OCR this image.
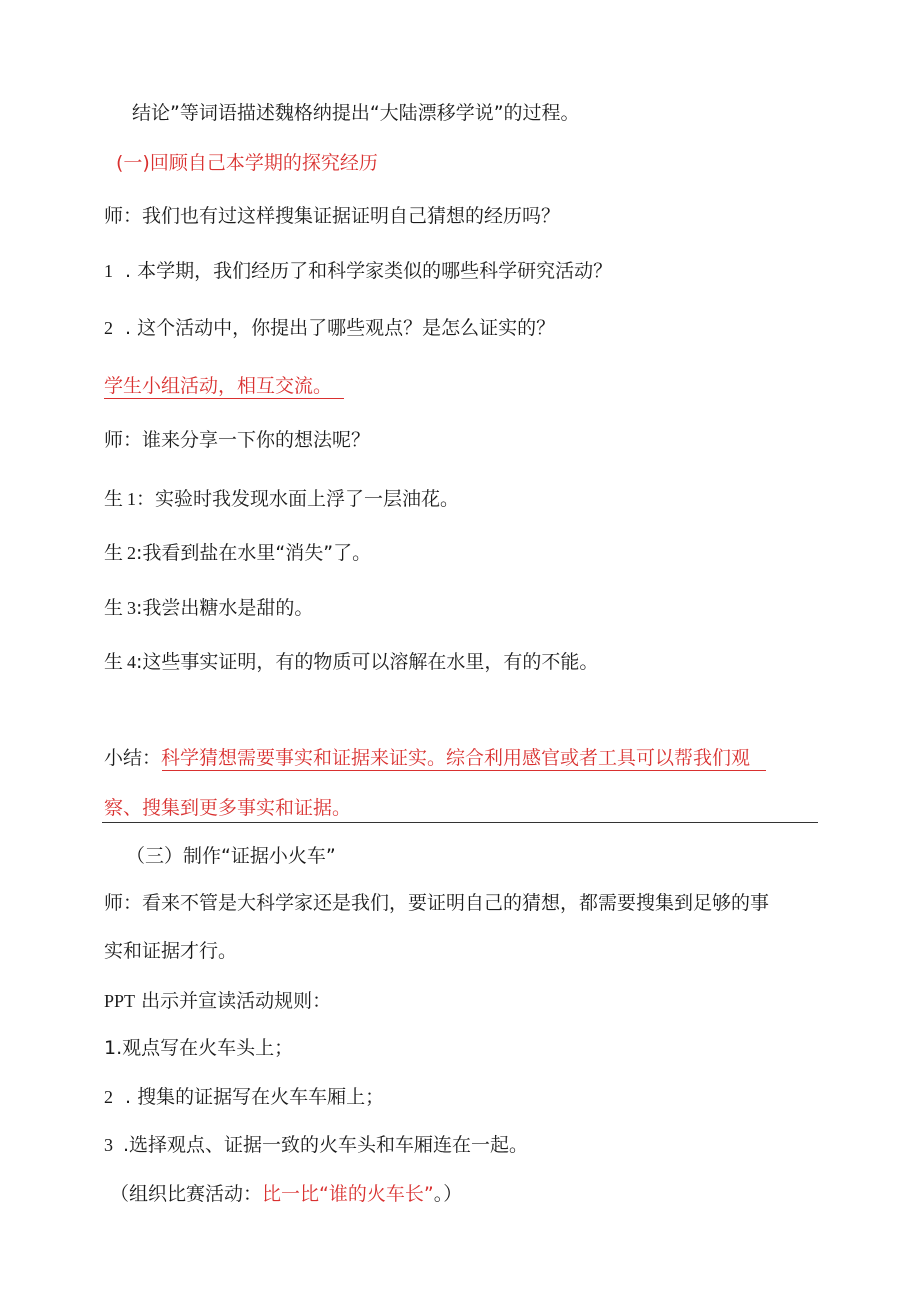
结论”等词语描述魏格纳提出“大陆漂移学说”的过程。
(一)回顾自己本学期的探究经历
师：我们也有过这样搜集证据证明自己猜想的经历吗？
1 . 本学期，我们经历了和科学家类似的哪些科学研究活动？
2 . 这个活动中，你提出了哪些观点？是怎么证实的？
学生小组活动，相互交流。
师：谁来分享一下你的想法呢？
生 1：实验时我发现水面上浮了一层油花。
生 2:我看到盐在水里“消失”了。
生 3:我尝出糖水是甜的。
生 4:这些事实证明，有的物质可以溶解在水里，有的不能。
小结：科学猜想需要事实和证据来证实。综合利用感官或者工具可以帮我们观
察、搜集到更多事实和证据。
（三）制作“证据小火车”
师：看来不管是大科学家还是我们，要证明自己的猜想，都需要搜集到足够的事
实和证据才行。
PPT 出示并宣读活动规则：
1.观点写在火车头上；
2 . 搜集的证据写在火车车厢上；
3 .选择观点、证据一致的火车头和车厢连在一起。
（组织比赛活动：比一比“谁的火车长”。）
